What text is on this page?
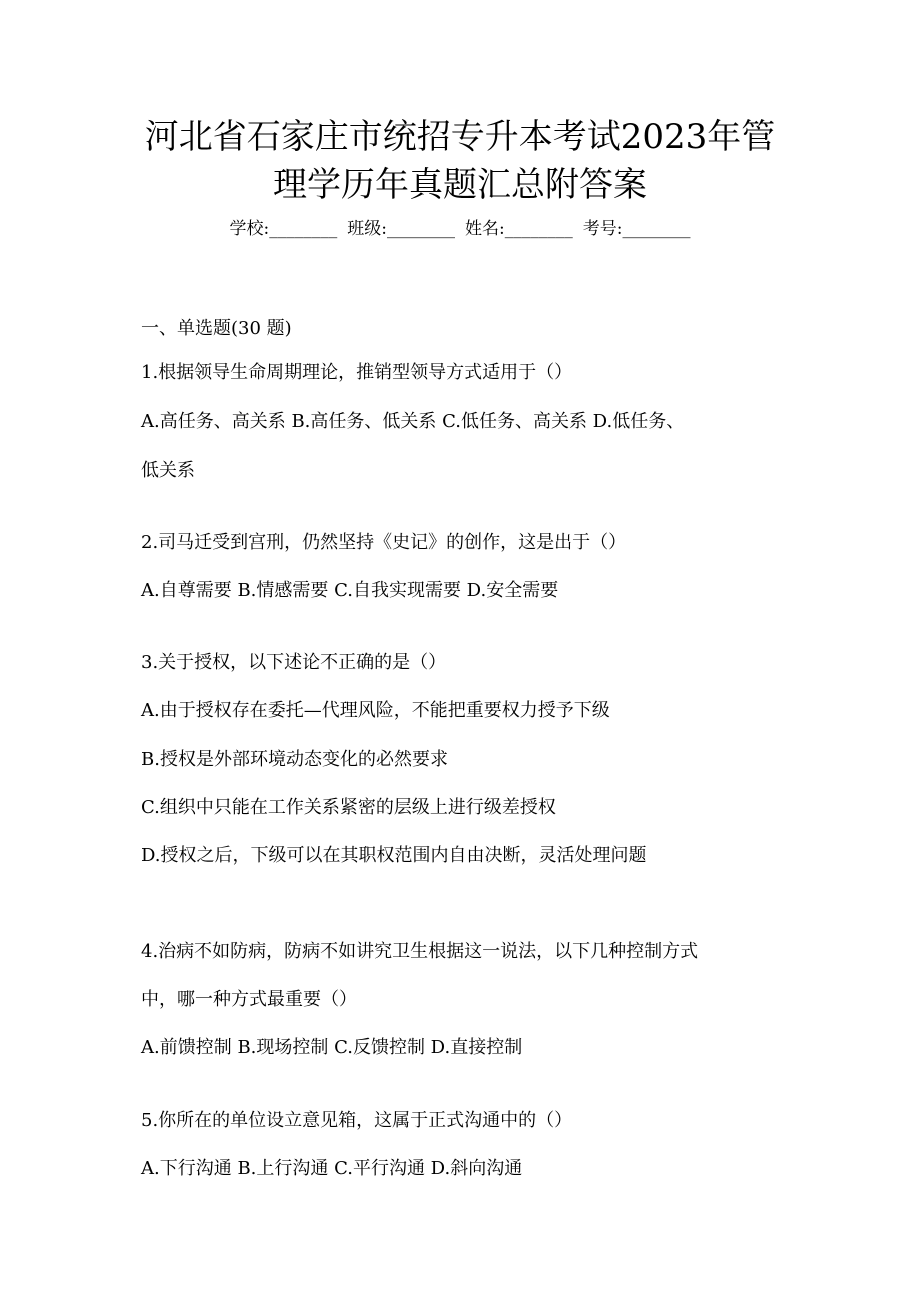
河北省石家庄市统招专升本考试2023年管
理学历年真题汇总附答案
学校:________ 班级:________ 姓名:________ 考号:________
一、单选题(30 题)
1.根据领导生命周期理论，推销型领导方式适用于（）
A.高任务、高关系 B.高任务、低关系 C.低任务、高关系 D.低任务、
低关系
2.司马迁受到宫刑，仍然坚持《史记》的创作，这是出于（）
A.自尊需要 B.情感需要 C.自我实现需要 D.安全需要
3.关于授权，以下述论不正确的是（）
A.由于授权存在委托—代理风险，不能把重要权力授予下级
B.授权是外部环境动态变化的必然要求
C.组织中只能在工作关系紧密的层级上进行级差授权
D.授权之后，下级可以在其职权范围内自由决断，灵活处理问题
4.治病不如防病，防病不如讲究卫生根据这一说法，以下几种控制方式
中，哪一种方式最重要（）
A.前馈控制 B.现场控制 C.反馈控制 D.直接控制
5.你所在的单位设立意见箱，这属于正式沟通中的（）
A.下行沟通 B.上行沟通 C.平行沟通 D.斜向沟通
